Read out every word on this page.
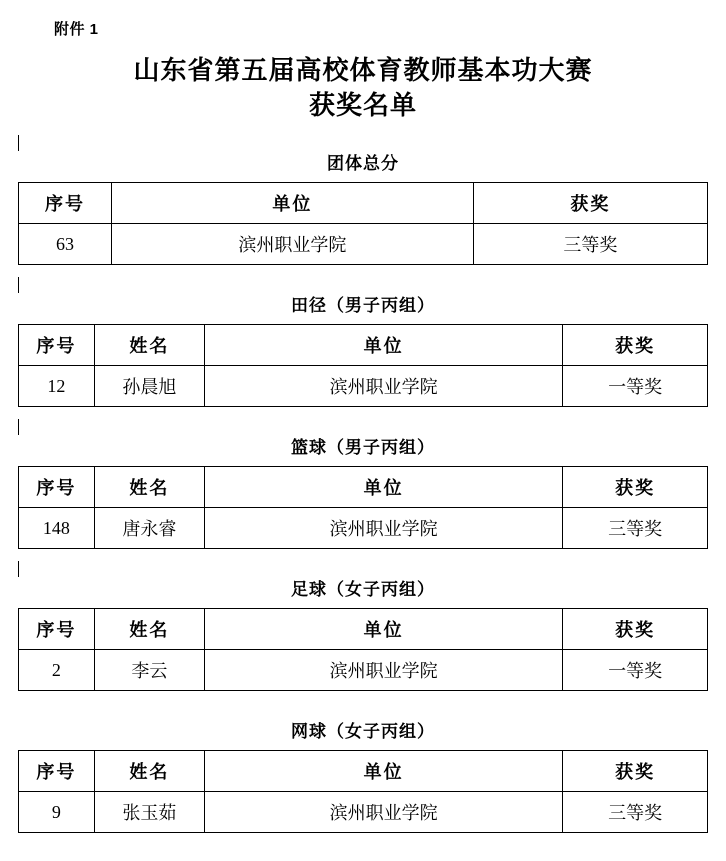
附件 1
山东省第五届高校体育教师基本功大赛
获奖名单
团体总分
序号	单位	获奖
63	滨州职业学院	三等奖
田径（男子丙组）
序号	姓名	单位	获奖
12	孙晨旭	滨州职业学院	一等奖
篮球（男子丙组）
序号	姓名	单位	获奖
148	唐永睿	滨州职业学院	三等奖
足球（女子丙组）
序号	姓名	单位	获奖
2	李云	滨州职业学院	一等奖
网球（女子丙组）
序号	姓名	单位	获奖
9	张玉茹	滨州职业学院	三等奖
